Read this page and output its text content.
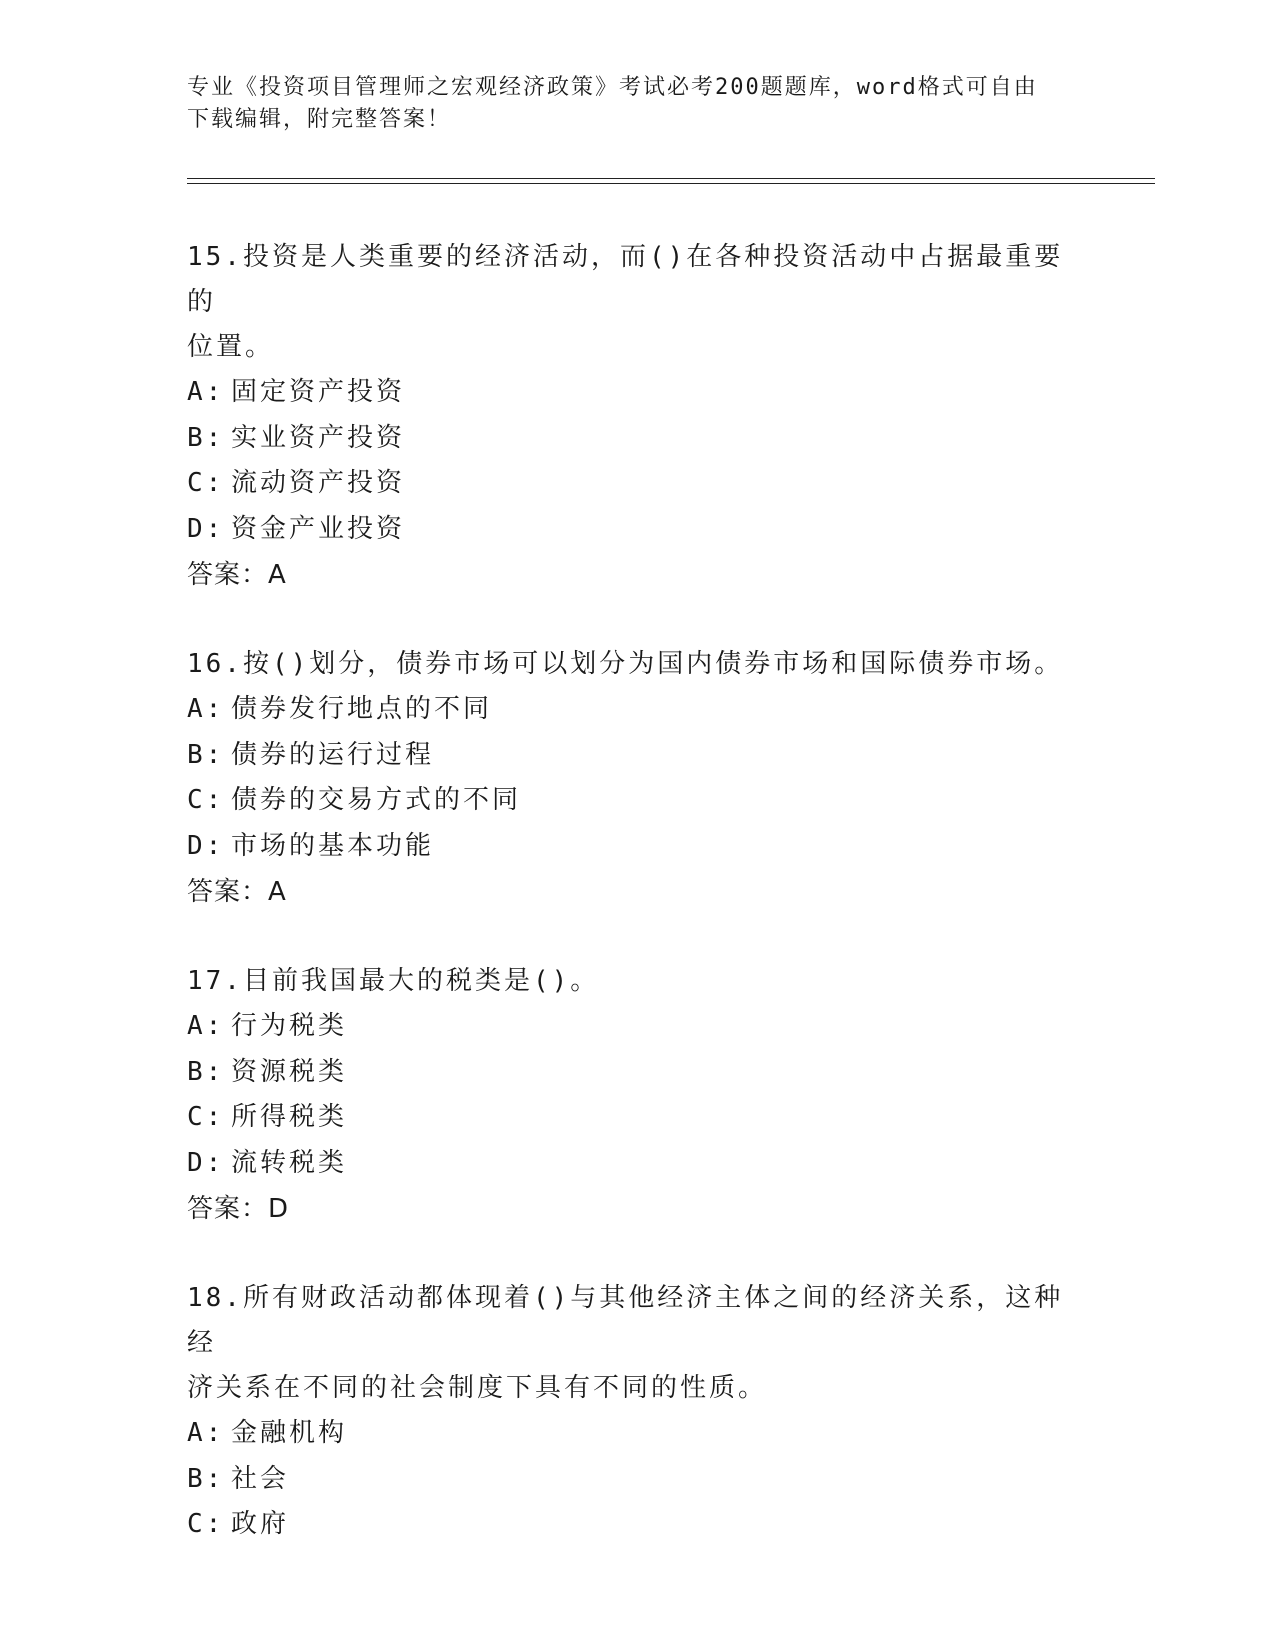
专业《投资项目管理师之宏观经济政策》考试必考200题题库，word格式可自由
下载编辑，附完整答案！
15.投资是人类重要的经济活动，而()在各种投资活动中占据最重要的
位置。
A: 固定资产投资
B: 实业资产投资
C: 流动资产投资
D: 资金产业投资
答案：A
16.按()划分，债券市场可以划分为国内债券市场和国际债券市场。
A: 债券发行地点的不同
B: 债券的运行过程
C: 债券的交易方式的不同
D: 市场的基本功能
答案：A
17.目前我国最大的税类是()。
A: 行为税类
B: 资源税类
C: 所得税类
D: 流转税类
答案：D
18.所有财政活动都体现着()与其他经济主体之间的经济关系，这种经
济关系在不同的社会制度下具有不同的性质。
A: 金融机构
B: 社会
C: 政府
